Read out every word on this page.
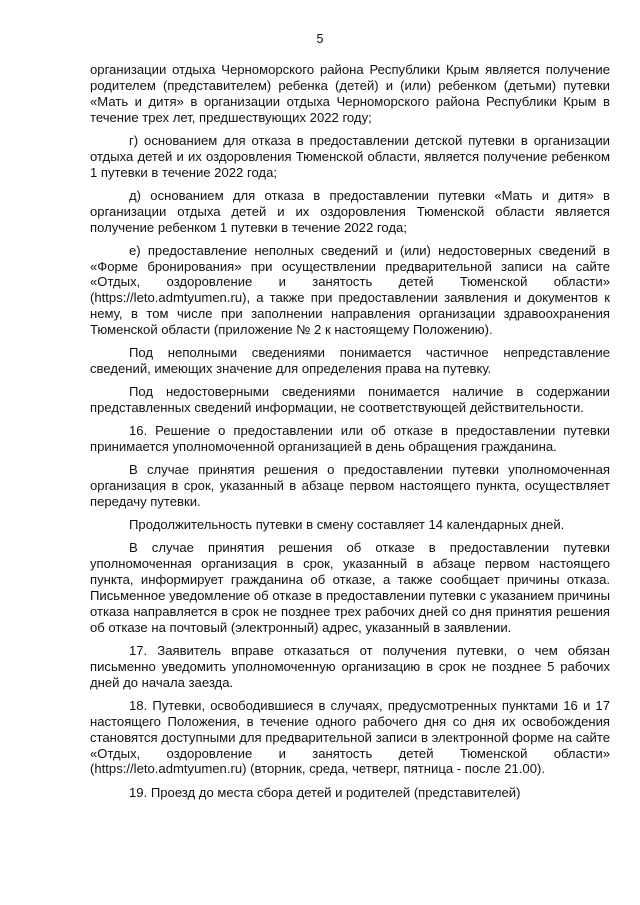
5

организации отдыха Черноморского района Республики Крым является получение родителем (представителем) ребенка (детей) и (или) ребенком (детьми) путевки «Мать и дитя» в организации отдыха Черноморского района Республики Крым в течение трех лет, предшествующих 2022 году;

г) основанием для отказа в предоставлении детской путевки в организации отдыха детей и их оздоровления Тюменской области, является получение ребенком 1 путевки в течение 2022 года;

д) основанием для отказа в предоставлении путевки «Мать и дитя» в организации отдыха детей и их оздоровления Тюменской области является получение ребенком 1 путевки в течение 2022 года;

е) предоставление неполных сведений и (или) недостоверных сведений в «Форме бронирования» при осуществлении предварительной записи на сайте «Отдых, оздоровление и занятость детей Тюменской области» (https://leto.admtyumen.ru), а также при предоставлении заявления и документов к нему, в том числе при заполнении направления организации здравоохранения Тюменской области (приложение № 2 к настоящему Положению).

Под неполными сведениями понимается частичное непредставление сведений, имеющих значение для определения права на путевку.

Под недостоверными сведениями понимается наличие в содержании представленных сведений информации, не соответствующей действительности.

16. Решение о предоставлении или об отказе в предоставлении путевки принимается уполномоченной организацией в день обращения гражданина.

В случае принятия решения о предоставлении путевки уполномоченная организация в срок, указанный в абзаце первом настоящего пункта, осуществляет передачу путевки.

Продолжительность путевки в смену составляет 14 календарных дней.

В случае принятия решения об отказе в предоставлении путевки уполномоченная организация в срок, указанный в абзаце первом настоящего пункта, информирует гражданина об отказе, а также сообщает причины отказа. Письменное уведомление об отказе в предоставлении путевки с указанием причины отказа направляется в срок не позднее трех рабочих дней со дня принятия решения об отказе на почтовый (электронный) адрес, указанный в заявлении.

17. Заявитель вправе отказаться от получения путевки, о чем обязан письменно уведомить уполномоченную организацию в срок не позднее 5 рабочих дней до начала заезда.

18. Путевки, освободившиеся в случаях, предусмотренных пунктами 16 и 17 настоящего Положения, в течение одного рабочего дня со дня их освобождения становятся доступными для предварительной записи в электронной форме на сайте «Отдых, оздоровление и занятость детей Тюменской области» (https://leto.admtyumen.ru) (вторник, среда, четверг, пятница - после 21.00).

19. Проезд до места сбора детей и родителей (представителей)
